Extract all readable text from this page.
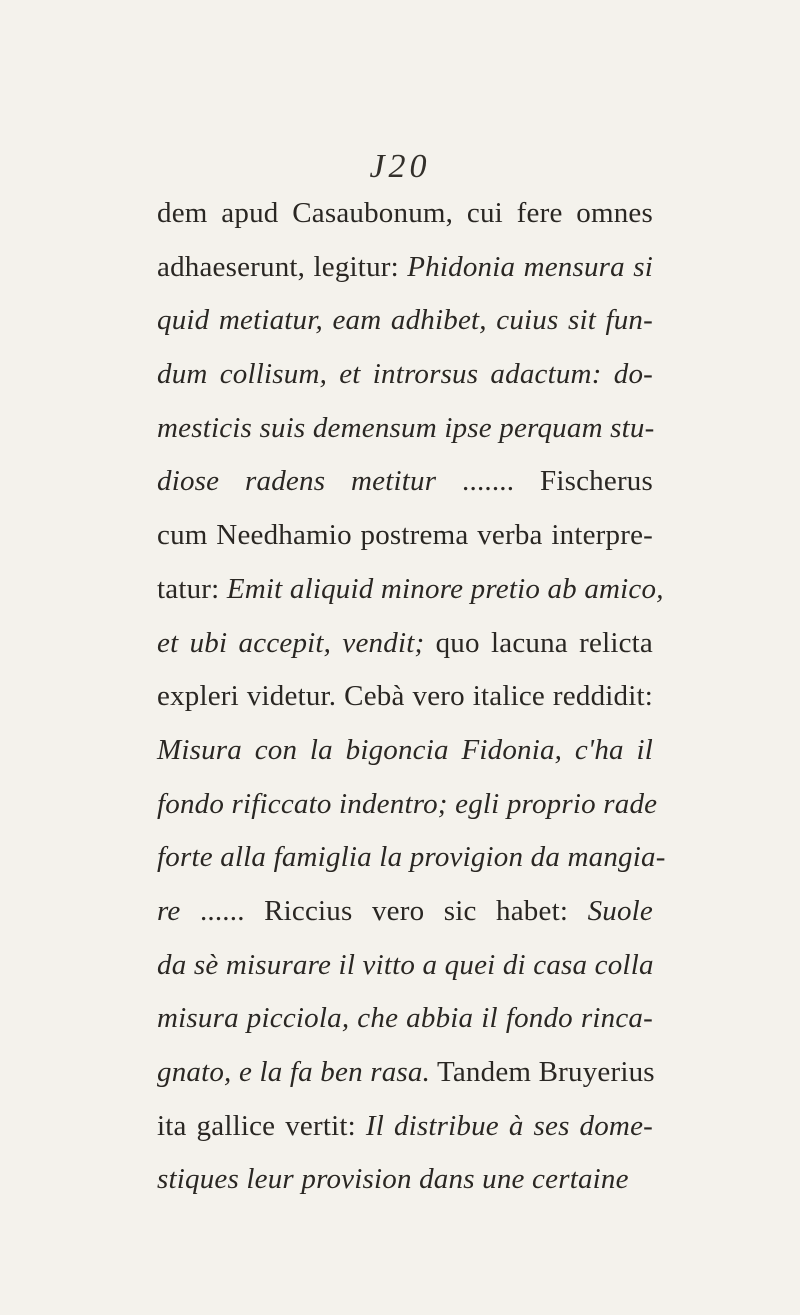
J20
dem apud Casaubonum, cui fere omnes
adhaeserunt, legitur: Phidonia mensura si
quid metiatur, eam adhibet, cuius sit fun-
dum collisum, et introrsus adactum: do-
mesticis suis demensum ipse perquam stu-
diose radens metitur ....... Fischerus
cum Needhamio postrema verba interpre-
tatur: Emit aliquid minore pretio ab amico,
et ubi accepit, vendit; quo lacuna relicta
expleri videtur. Cebà vero italice reddidit:
Misura con la bigoncia Fidonia, c'ha il
fondo rificcato indentro; egli proprio rade
forte alla famiglia la provigion da mangia-
re ...... Riccius vero sic habet: Suole
da sè misurare il vitto a quei di casa colla
misura picciola, che abbia il fondo rinca-
gnato, e la fa ben rasa. Tandem Bruyerius
ita gallice vertit: Il distribue à ses dome-
stiques leur provision dans une certaine
